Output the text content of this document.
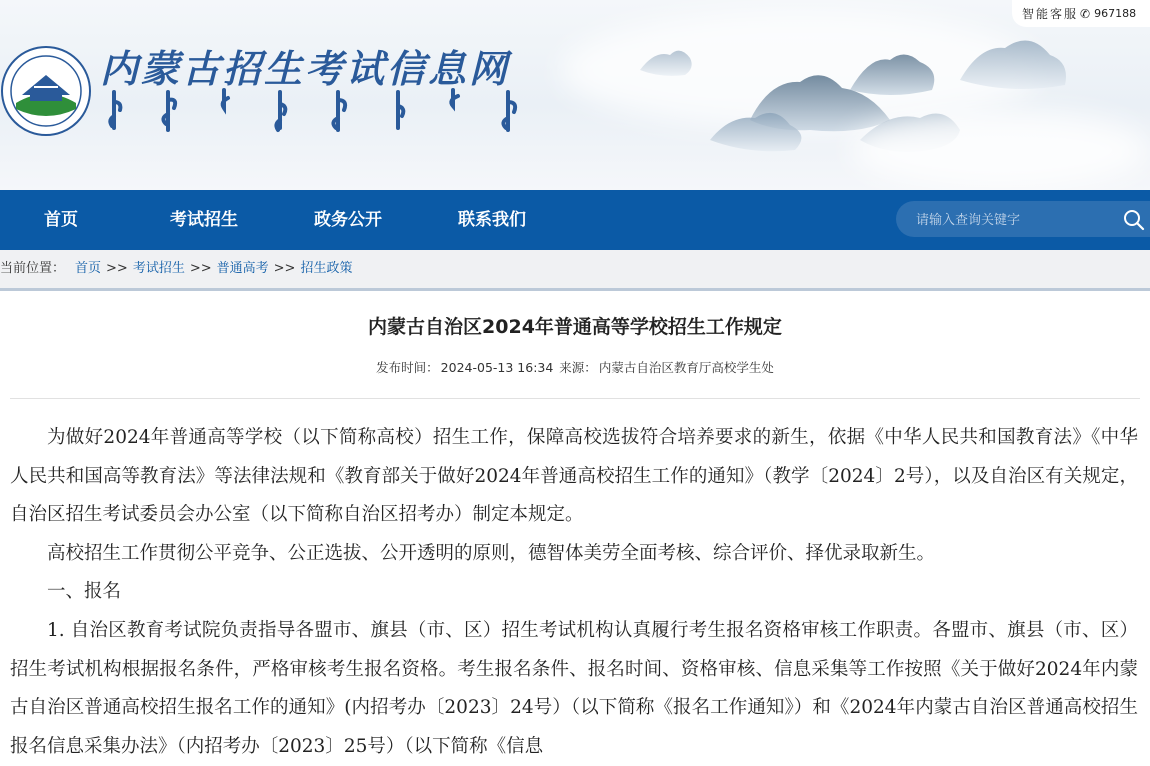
内蒙古招生考试信息网
智能客服 ✆ 967188
首页	考试招生	政务公开	联系我们
请输入查询关键字
当前位置： 首页 >> 考试招生 >> 普通高考 >> 招生政策
内蒙古自治区2024年普通高等学校招生工作规定
发布时间： 2024-05-13 16:34 来源： 内蒙古自治区教育厅高校学生处

为做好2024年普通高等学校（以下简称高校）招生工作，保障高校选拔符合培养要求的新生，依据《中华人民共和国教育法》《中华人民共和国高等教育法》等法律法规和《教育部关于做好2024年普通高校招生工作的通知》（教学〔2024〕2号），以及自治区有关规定，自治区招生考试委员会办公室（以下简称自治区招考办）制定本规定。

高校招生工作贯彻公平竞争、公正选拔、公开透明的原则，德智体美劳全面考核、综合评价、择优录取新生。

一、报名

1. 自治区教育考试院负责指导各盟市、旗县（市、区）招生考试机构认真履行考生报名资格审核工作职责。各盟市、旗县（市、区）招生考试机构根据报名条件，严格审核考生报名资格。考生报名条件、报名时间、资格审核、信息采集等工作按照《关于做好2024年内蒙古自治区普通高校招生报名工作的通知》(内招考办〔2023〕24号）（以下简称《报名工作通知》）和《2024年内蒙古自治区普通高校招生报名信息采集办法》（内招考办〔2023〕25号）（以下简称《信息
